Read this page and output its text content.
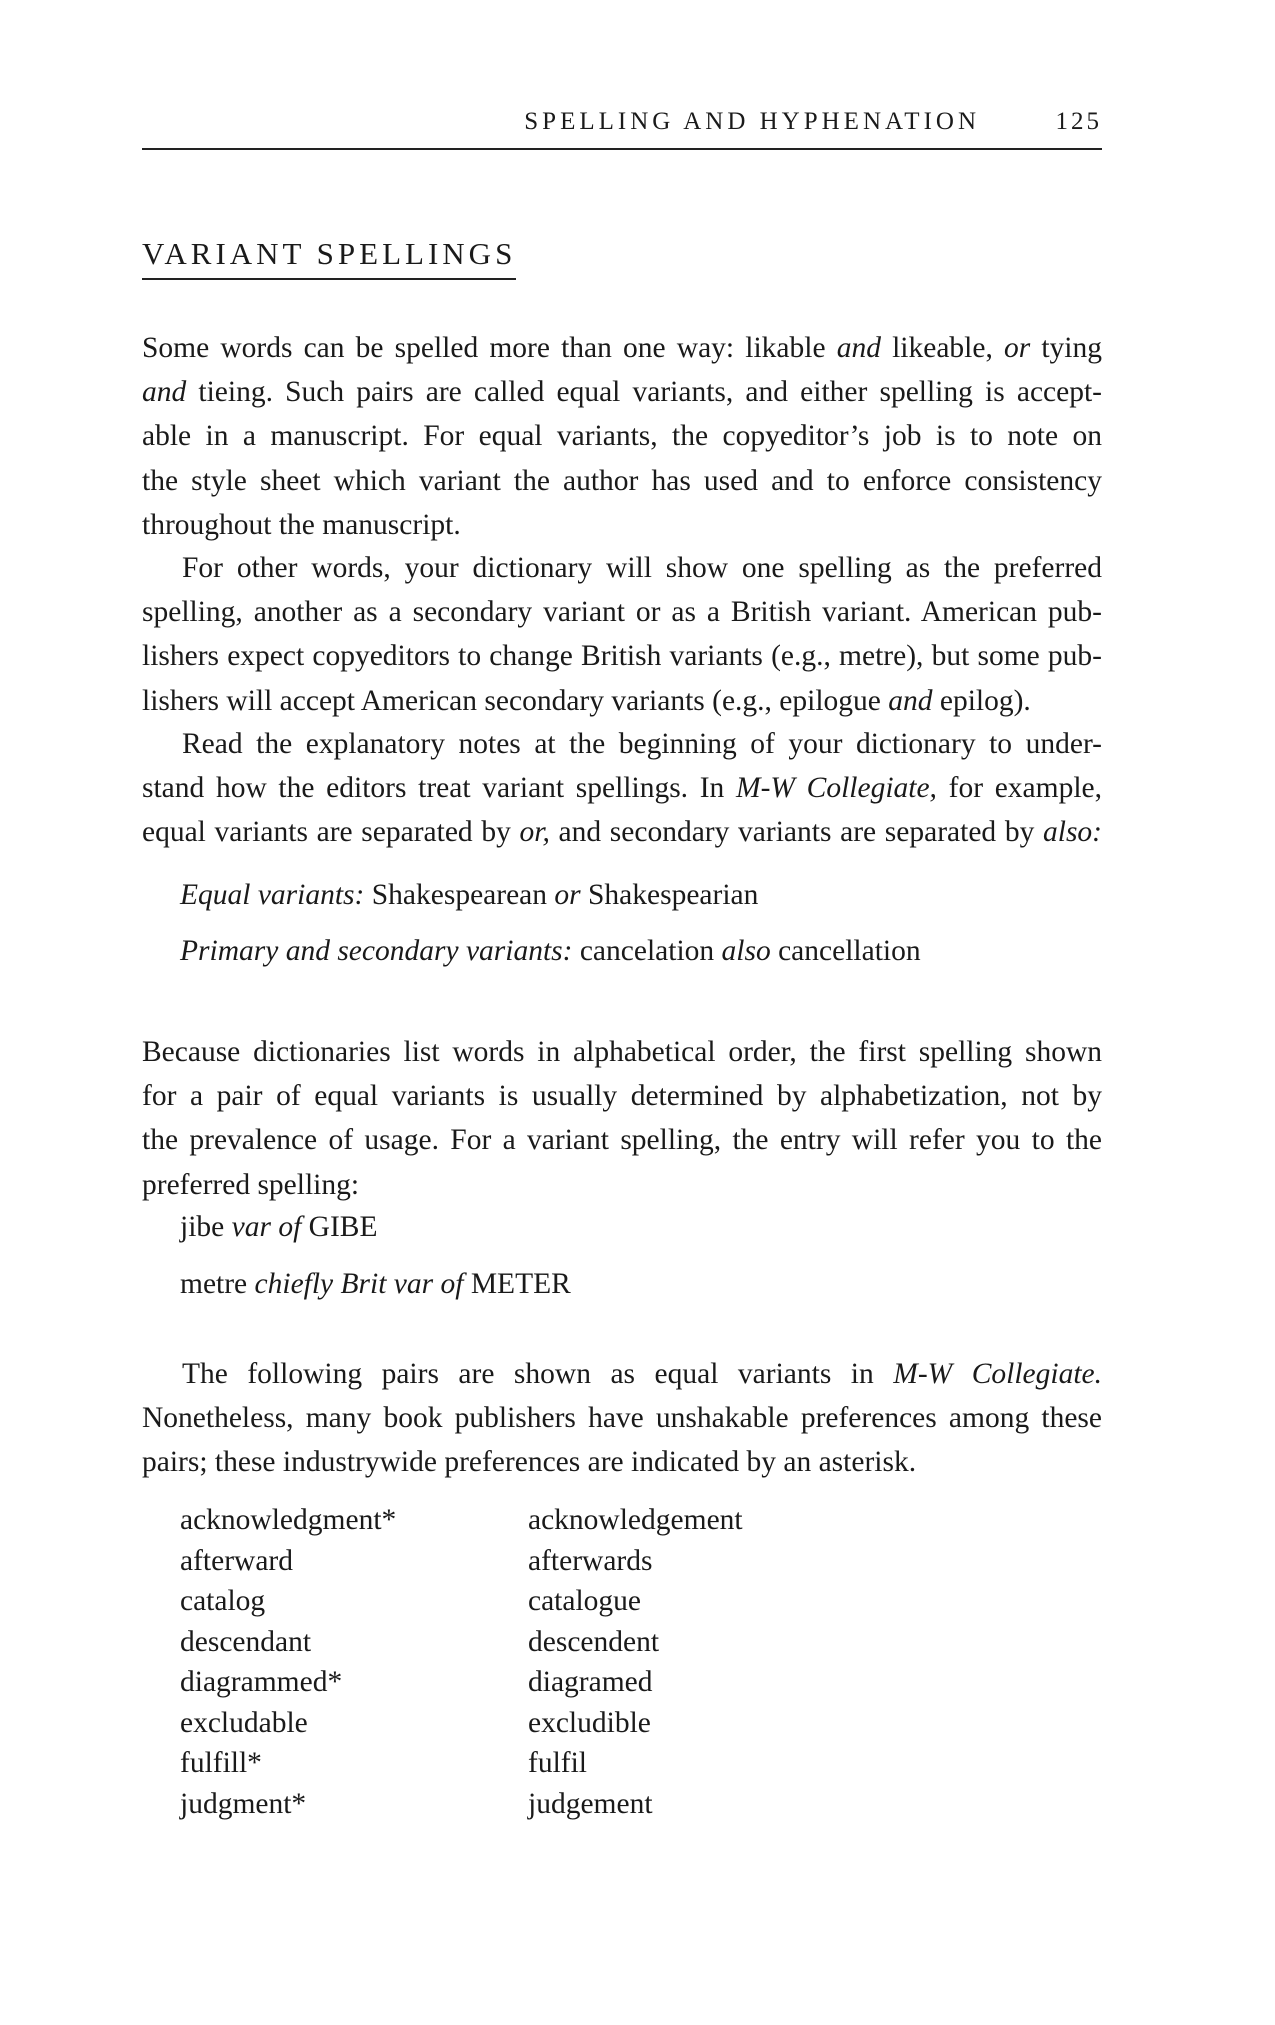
SPELLING AND HYPHENATION	125
VARIANT SPELLINGS

Some words can be spelled more than one way: likable and likeable, or tying
and tieing. Such pairs are called equal variants, and either spelling is accept-
able in a manuscript. For equal variants, the copyeditor’s job is to note on
the style sheet which variant the author has used and to enforce consistency
throughout the manuscript.

For other words, your dictionary will show one spelling as the preferred
spelling, another as a secondary variant or as a British variant. American pub-
lishers expect copyeditors to change British variants (e.g., metre), but some pub-
lishers will accept American secondary variants (e.g., epilogue and epilog).

Read the explanatory notes at the beginning of your dictionary to under-
stand how the editors treat variant spellings. In M-W Collegiate, for example,
equal variants are separated by or, and secondary variants are separated by also:

Equal variants: Shakespearean or Shakespearian
Primary and secondary variants: cancelation also cancellation

Because dictionaries list words in alphabetical order, the first spelling shown
for a pair of equal variants is usually determined by alphabetization, not by
the prevalence of usage. For a variant spelling, the entry will refer you to the
preferred spelling:

jibe var of GIBE
metre chiefly Brit var of METER

The following pairs are shown as equal variants in M-W Collegiate.
Nonetheless, many book publishers have unshakable preferences among these
pairs; these industrywide preferences are indicated by an asterisk.

acknowledgment*	acknowledgement
afterward	afterwards
catalog	catalogue
descendant	descendent
diagrammed*	diagramed
excludable	excludible
fulfill*	fulfil
judgment*	judgement
